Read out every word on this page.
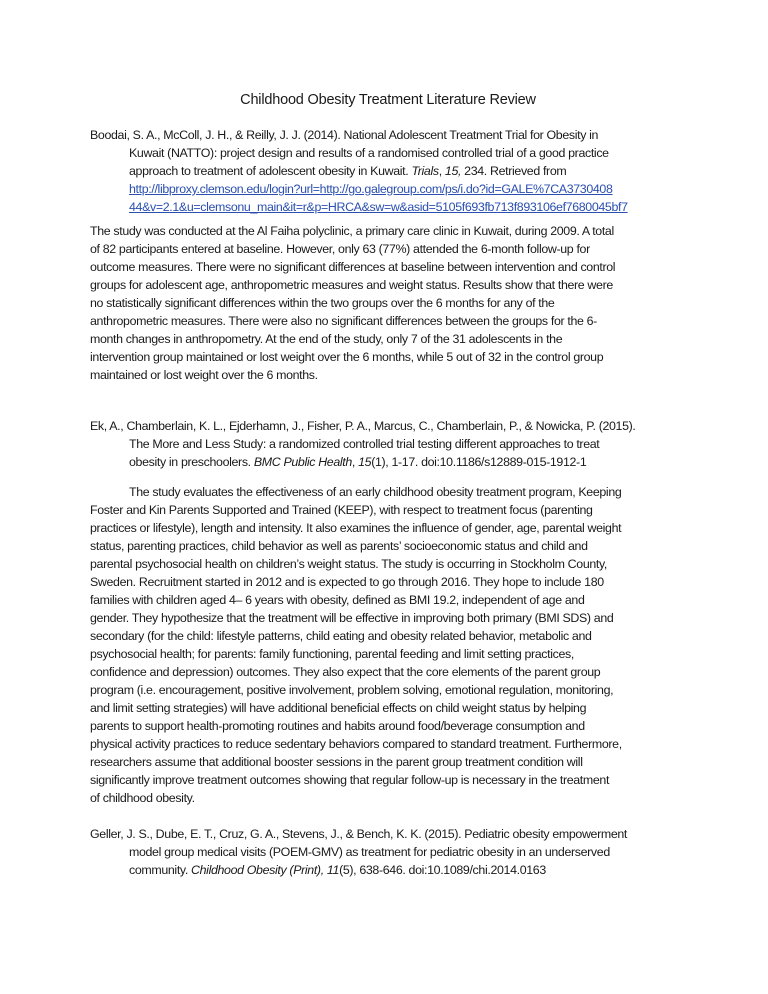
Childhood Obesity Treatment Literature Review
Boodai, S. A., McColl, J. H., & Reilly, J. J. (2014). National Adolescent Treatment Trial for Obesity in
Kuwait (NATTO): project design and results of a randomised controlled trial of a good practice
approach to treatment of adolescent obesity in Kuwait. Trials, 15, 234. Retrieved from
http://libproxy.clemson.edu/login?url=http://go.galegroup.com/ps/i.do?id=GALE%7CA3730408
44&v=2.1&u=clemsonu_main&it=r&p=HRCA&sw=w&asid=5105f693fb713f893106ef7680045bf7
The study was conducted at the Al Faiha polyclinic, a primary care clinic in Kuwait, during 2009. A total
of 82 participants entered at baseline. However, only 63 (77%) attended the 6-month follow-up for
outcome measures. There were no significant differences at baseline between intervention and control
groups for adolescent age, anthropometric measures and weight status. Results show that there were
no statistically significant differences within the two groups over the 6 months for any of the
anthropometric measures. There were also no significant differences between the groups for the 6-
month changes in anthropometry. At the end of the study, only 7 of the 31 adolescents in the
intervention group maintained or lost weight over the 6 months, while 5 out of 32 in the control group
maintained or lost weight over the 6 months.
Ek, A., Chamberlain, K. L., Ejderhamn, J., Fisher, P. A., Marcus, C., Chamberlain, P., & Nowicka, P. (2015).
The More and Less Study: a randomized controlled trial testing different approaches to treat
obesity in preschoolers. BMC Public Health, 15(1), 1-17. doi:10.1186/s12889-015-1912-1
The study evaluates the effectiveness of an early childhood obesity treatment program, Keeping
Foster and Kin Parents Supported and Trained (KEEP), with respect to treatment focus (parenting
practices or lifestyle), length and intensity. It also examines the influence of gender, age, parental weight
status, parenting practices, child behavior as well as parents’ socioeconomic status and child and
parental psychosocial health on children’s weight status. The study is occurring in Stockholm County,
Sweden. Recruitment started in 2012 and is expected to go through 2016. They hope to include 180
families with children aged 4– 6 years with obesity, defined as BMI 19.2, independent of age and
gender. They hypothesize that the treatment will be effective in improving both primary (BMI SDS) and
secondary (for the child: lifestyle patterns, child eating and obesity related behavior, metabolic and
psychosocial health; for parents: family functioning, parental feeding and limit setting practices,
confidence and depression) outcomes. They also expect that the core elements of the parent group
program (i.e. encouragement, positive involvement, problem solving, emotional regulation, monitoring,
and limit setting strategies) will have additional beneficial effects on child weight status by helping
parents to support health-promoting routines and habits around food/beverage consumption and
physical activity practices to reduce sedentary behaviors compared to standard treatment. Furthermore,
researchers assume that additional booster sessions in the parent group treatment condition will
significantly improve treatment outcomes showing that regular follow-up is necessary in the treatment
of childhood obesity.
Geller, J. S., Dube, E. T., Cruz, G. A., Stevens, J., & Bench, K. K. (2015). Pediatric obesity empowerment
model group medical visits (POEM-GMV) as treatment for pediatric obesity in an underserved
community. Childhood Obesity (Print), 11(5), 638-646. doi:10.1089/chi.2014.0163
